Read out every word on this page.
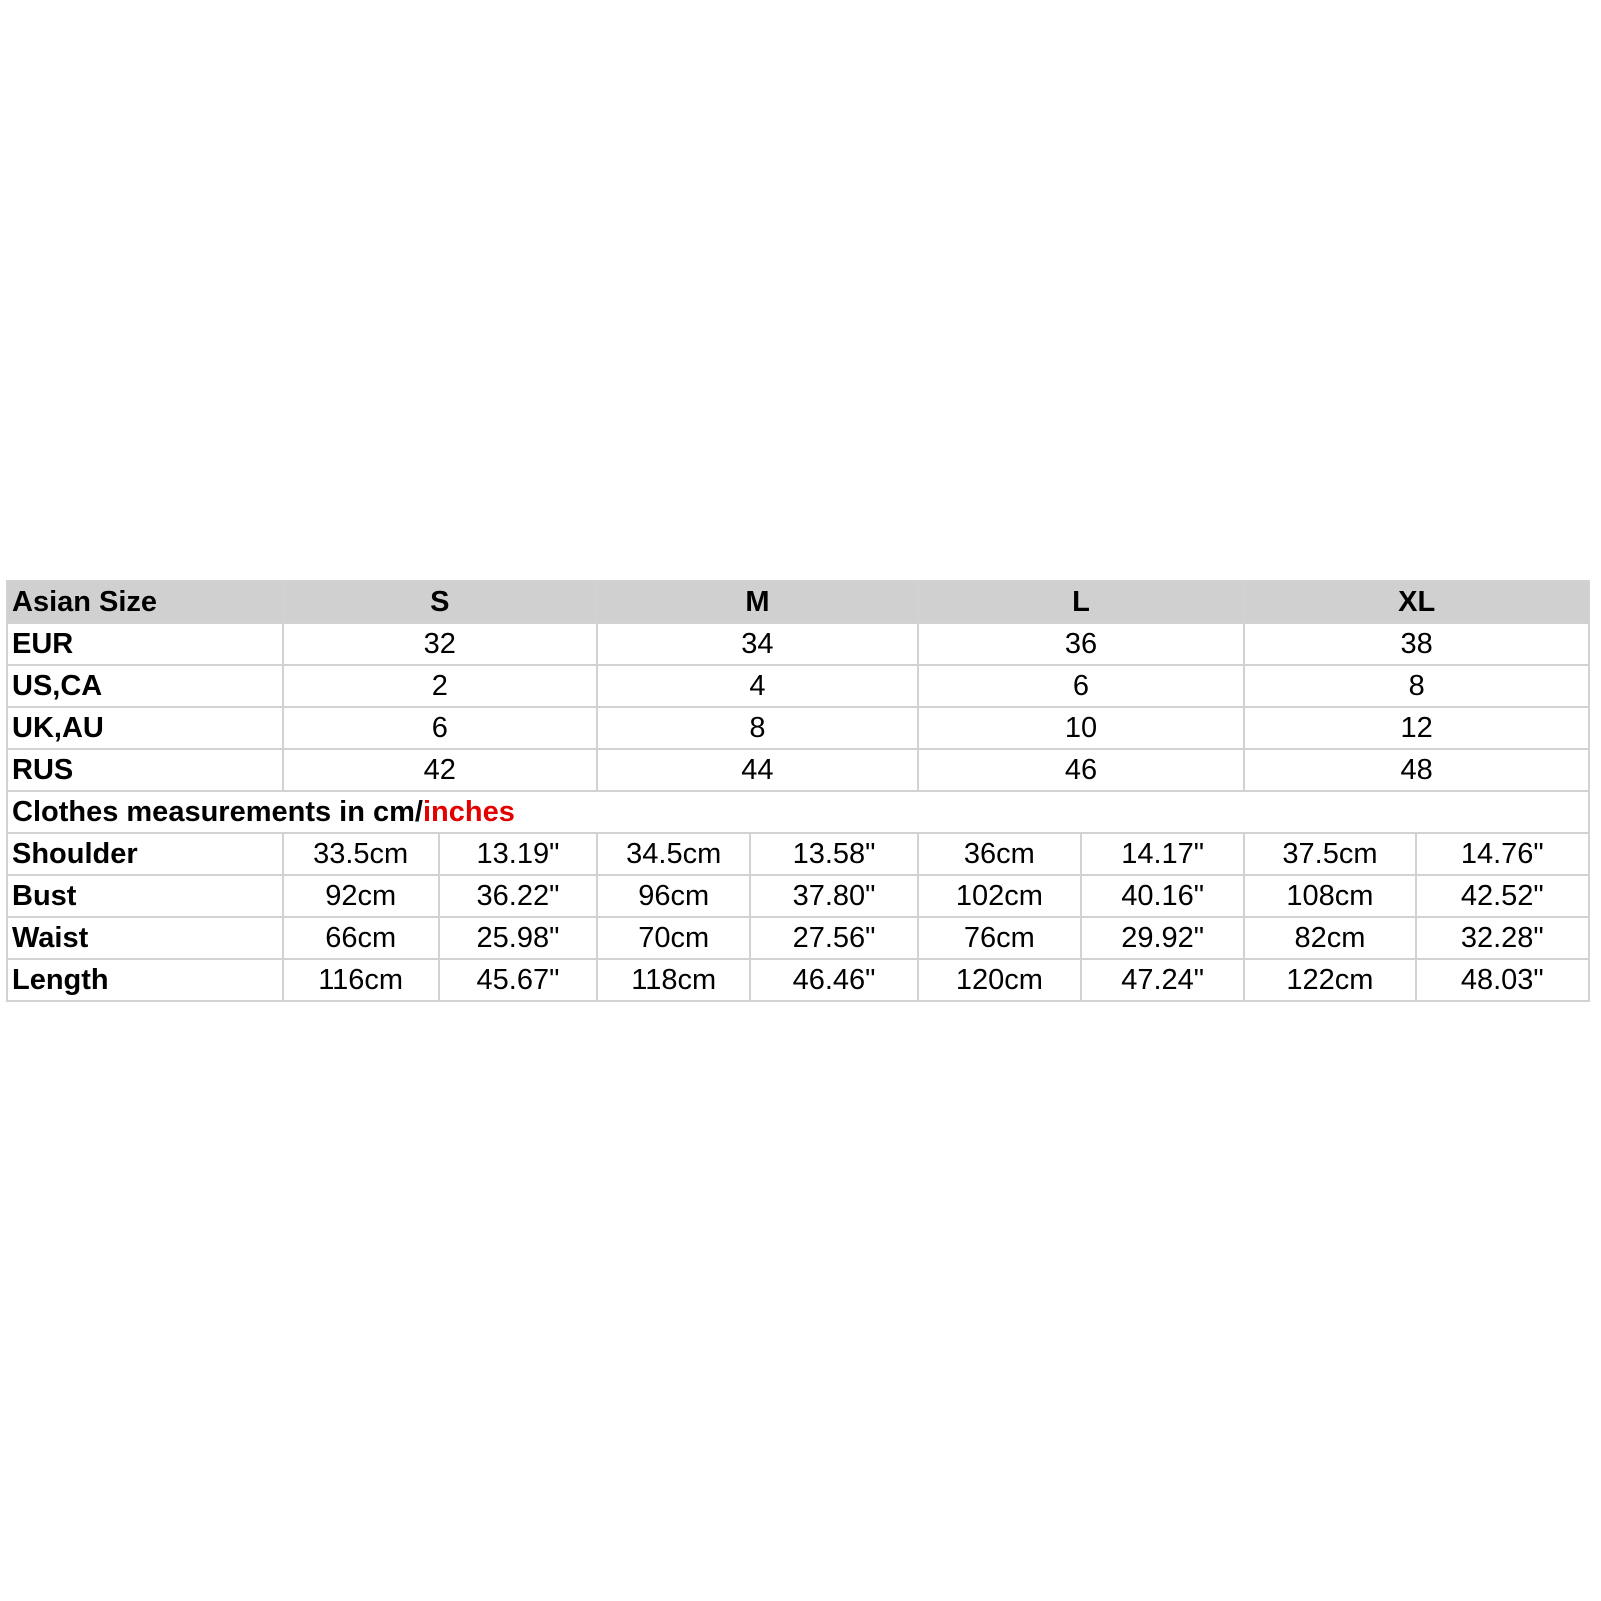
Asian Size	S		M		L		XL	
EUR	32		34		36		38	
US,CA	2		4		6		8	
UK,AU	6		8		10		12	
RUS	42		44		46		48	
Clothes measurements in cm/inches								
Shoulder	33.5cm	13.19"	34.5cm	13.58"	36cm	14.17"	37.5cm	14.76"
Bust	92cm	36.22"	96cm	37.80"	102cm	40.16"	108cm	42.52"
Waist	66cm	25.98"	70cm	27.56"	76cm	29.92"	82cm	32.28"
Length	116cm	45.67"	118cm	46.46"	120cm	47.24"	122cm	48.03"
